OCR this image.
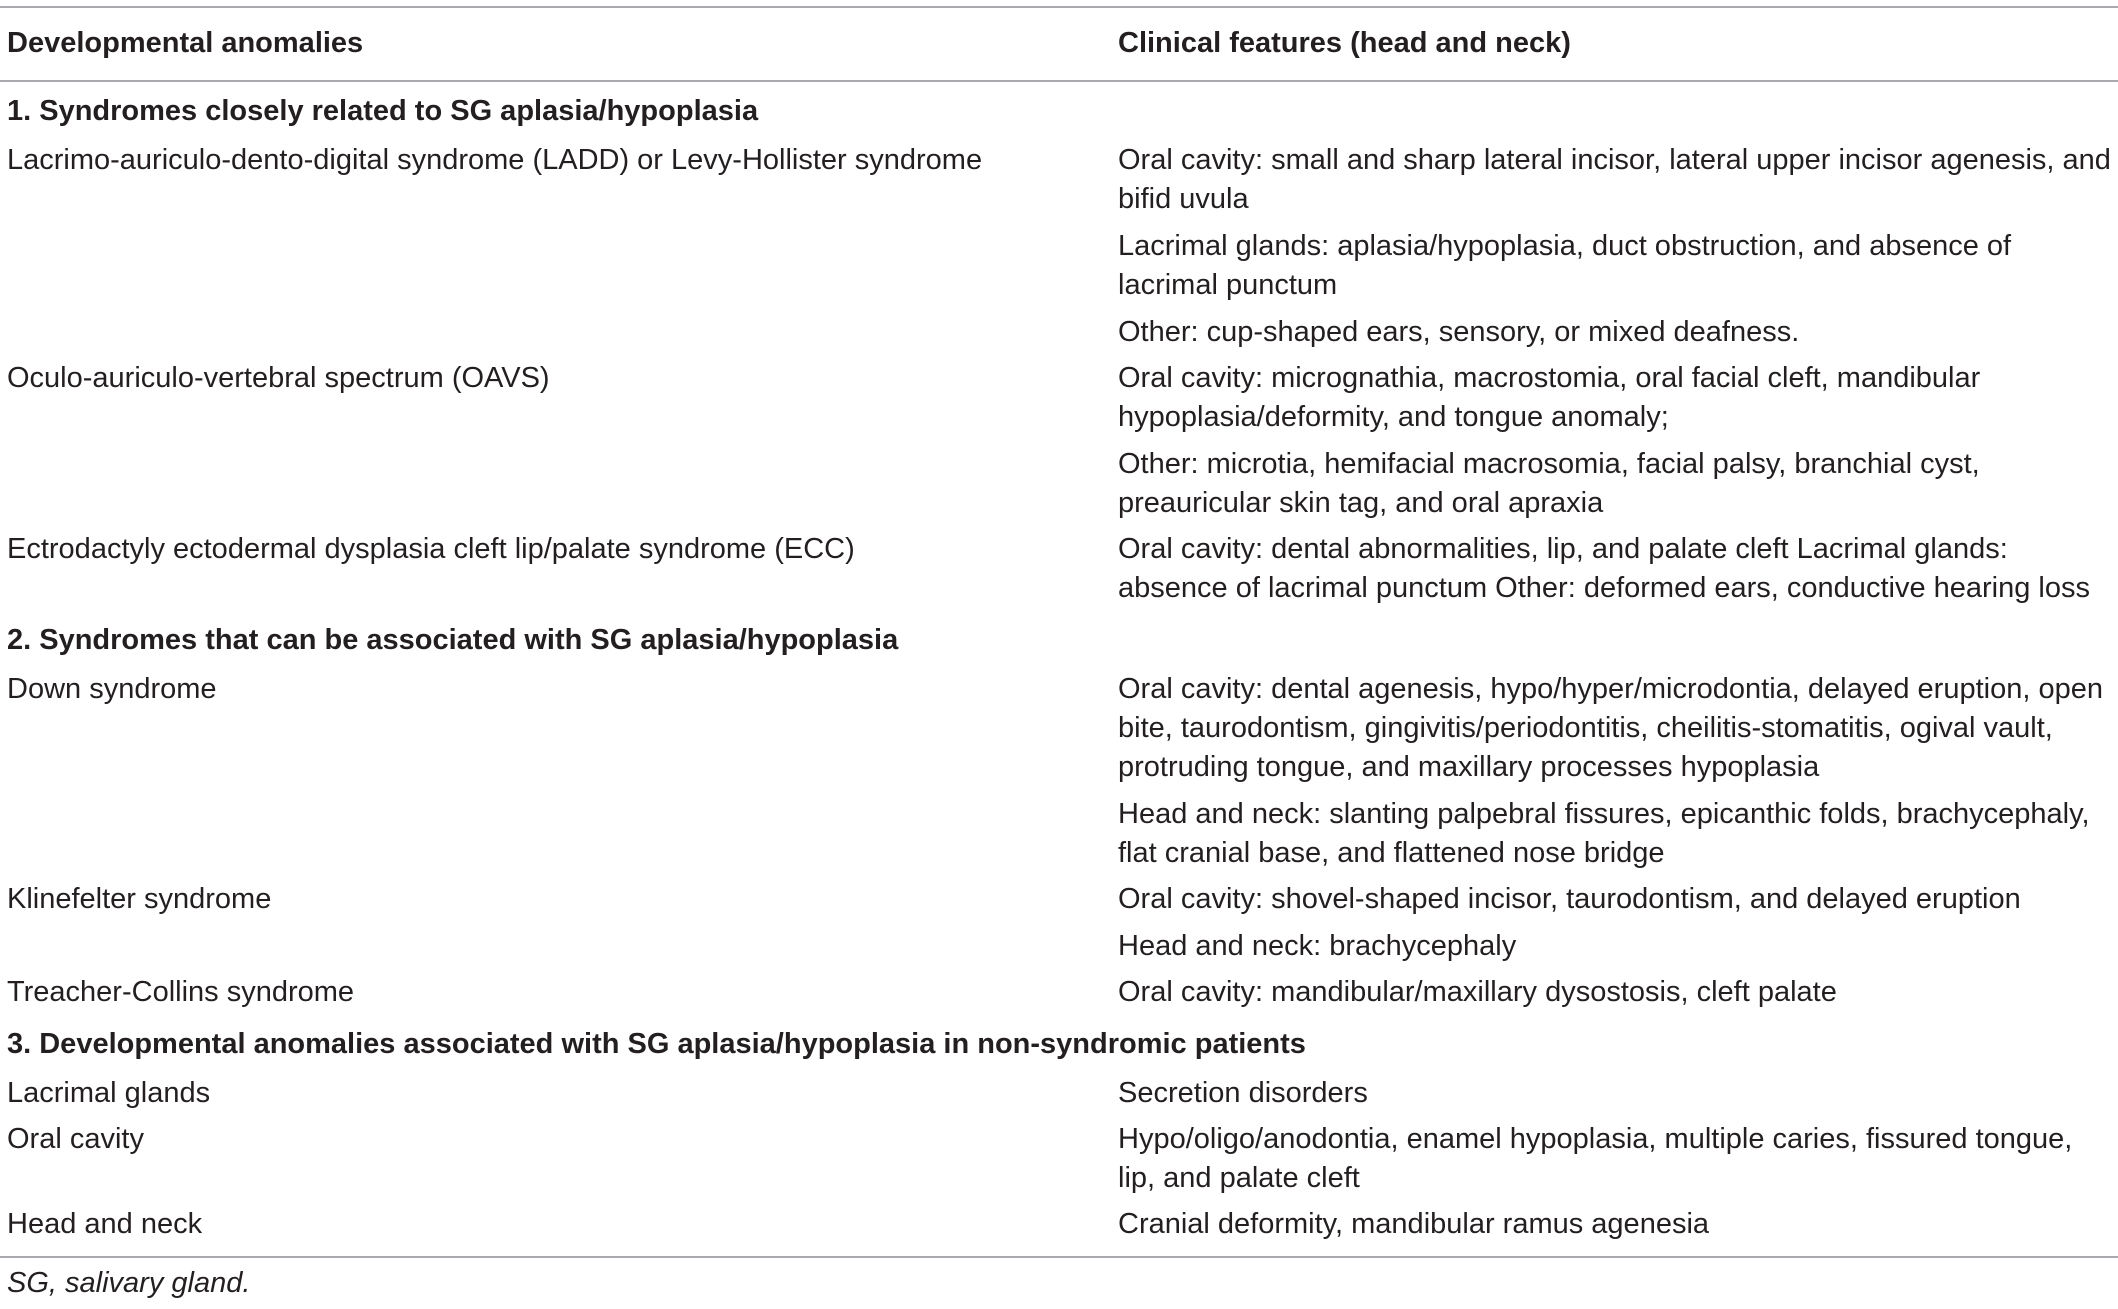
Developmental anomalies	Clinical features (head and neck)
1. Syndromes closely related to SG aplasia/hypoplasia	
Lacrimo-auriculo-dento-digital syndrome (LADD) or Levy-Hollister syndrome	Oral cavity: small and sharp lateral incisor, lateral upper incisor agenesis, and bifid uvula
Lacrimal glands: aplasia/hypoplasia, duct obstruction, and absence of lacrimal punctum
Other: cup-shaped ears, sensory, or mixed deafness.

Oculo-auriculo-vertebral spectrum (OAVS)	Oral cavity: micrognathia, macrostomia, oral facial cleft, mandibular hypoplasia/deformity, and tongue anomaly;
Other: microtia, hemifacial macrosomia, facial palsy, branchial cyst, preauricular skin tag, and oral apraxia

Ectrodactyly ectodermal dysplasia cleft lip/palate syndrome (ECC)	Oral cavity: dental abnormalities, lip, and palate cleft Lacrimal glands: absence of lacrimal punctum Other: deformed ears, conductive hearing loss

2. Syndromes that can be associated with SG aplasia/hypoplasia	
Down syndrome	Oral cavity: dental agenesis, hypo/hyper/microdontia, delayed eruption, open bite, taurodontism, gingivitis/periodontitis, cheilitis-stomatitis, ogival vault, protruding tongue, and maxillary processes hypoplasia
Head and neck: slanting palpebral fissures, epicanthic folds, brachycephaly, flat cranial base, and flattened nose bridge

Klinefelter syndrome	Oral cavity: shovel-shaped incisor, taurodontism, and delayed eruption
Head and neck: brachycephaly

Treacher-Collins syndrome	Oral cavity: mandibular/maxillary dysostosis, cleft palate

3. Developmental anomalies associated with SG aplasia/hypoplasia in non-syndromic patients	
Lacrimal glands	Secretion disorders

Oral cavity	Hypo/oligo/anodontia, enamel hypoplasia, multiple caries, fissured tongue, lip, and palate cleft

Head and neck	Cranial deformity, mandibular ramus agenesia
SG, salivary gland.
